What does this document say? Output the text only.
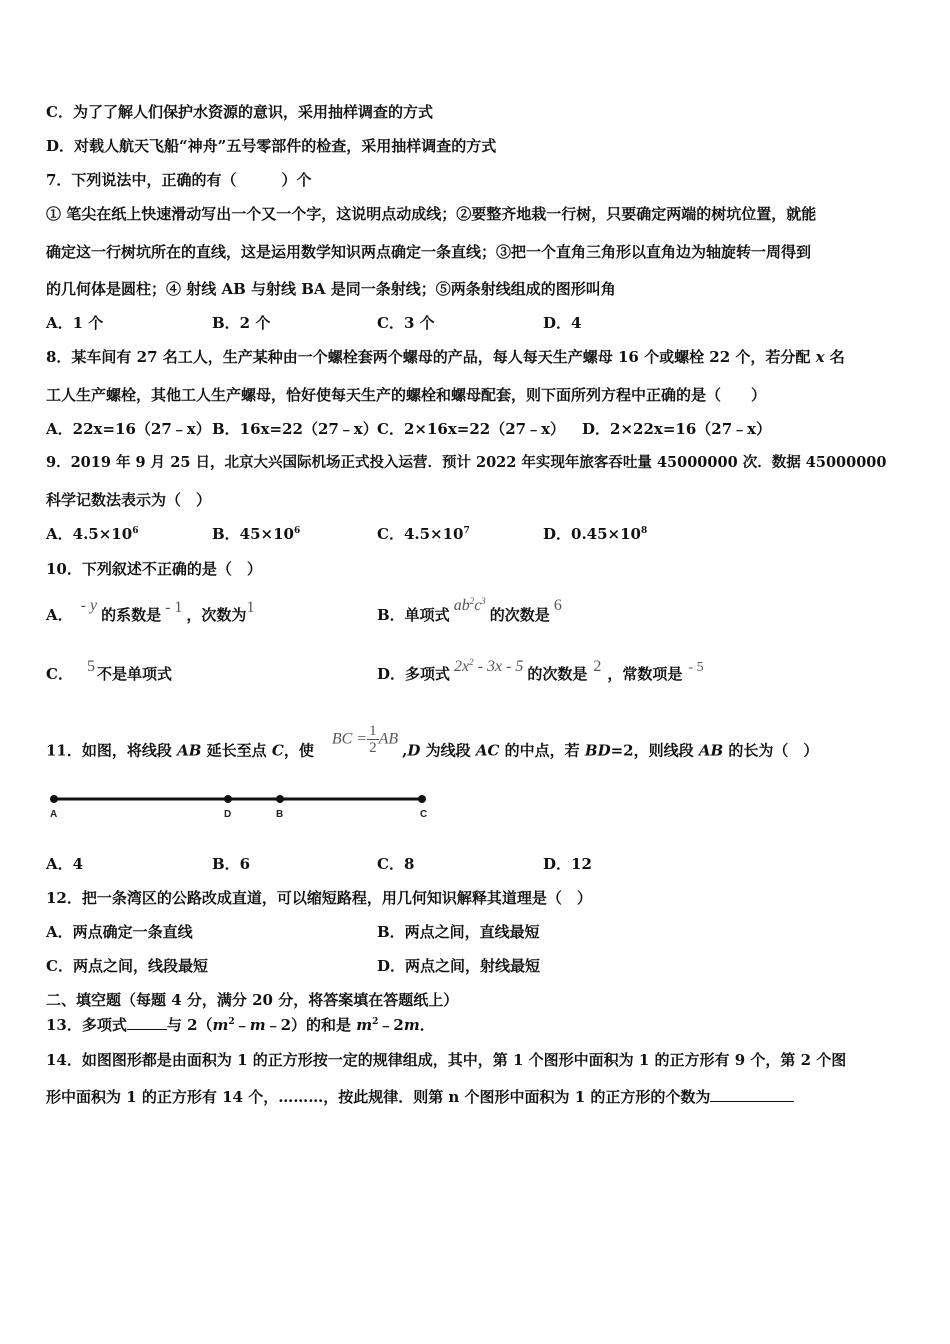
C．为了了解人们保护水资源的意识，采用抽样调查的方式
D．对载人航天飞船“神舟”五号零部件的检查，采用抽样调查的方式
7．下列说法中，正确的有（　　　）个
① 笔尖在纸上快速滑动写出一个又一个字，这说明点动成线；②要整齐地栽一行树，只要确定两端的树坑位置，就能
确定这一行树坑所在的直线，这是运用数学知识两点确定一条直线；③把一个直角三角形以直角边为轴旋转一周得到
的几何体是圆柱；④ 射线 AB 与射线 BA 是同一条射线；⑤两条射线组成的图形叫角
A．1 个	B．2 个	C．3 个	D．4
8．某车间有 27 名工人，生产某种由一个螺栓套两个螺母的产品，每人每天生产螺母 16 个或螺栓 22 个，若分配 x 名
工人生产螺栓，其他工人生产螺母，恰好使每天生产的螺栓和螺母配套，则下面所列方程中正确的是（　　）
A．22x=16（27﹣x） B．16x=22（27﹣x） C．2×16x=22（27﹣x） D．2×22x=16（27﹣x）
9．2019 年 9 月 25 日，北京大兴国际机场正式投入运营．预计 2022 年实现年旅客吞吐量 45000000 次．数据 45000000
科学记数法表示为（　）
A．$4.5\times 10^6$	B．$45\times 10^6$	C．$4.5\times 10^7$	D．$0.45\times 10^8$
10．下列叙述不正确的是（　）
A．- y的系数是 - 1 ，次数为1	B．单项式$ab^2c^3$的次数是6
C． 5 不是单项式	D．多项式 $2x^2 - 3x - 5$ 的次数是 2 ，常数项是 - 5
11．如图，将线段 AB 延长至点 C，使BC = $\frac{1}{2} AB,D$ 为线段 AC 的中点，若 BD=2，则线段 AB 的长为（　）
A	D	B	C
A．4	B．6	C．8	D．12
12．把一条湾区的公路改成直道，可以缩短路程，用几何知识解释其道理是（　）
A．两点确定一条直线	B．两点之间，直线最短
C．两点之间，线段最短	D．两点之间，射线最短
二、填空题（每题 4 分，满分 20 分，将答案填在答题纸上）
13．多项式	与 $2(m^2﹣m﹣2)$的和是 $m^2﹣2m$．
14．如图图形都是由面积为 1 的正方形按一定的规律组成，其中，第 1 个图形中面积为 1 的正方形有 9 个，第 2 个图
形中面积为 1 的正方形有 14 个，………，按此规律．则第 n 个图形中面积为 1 的正方形的个数为
